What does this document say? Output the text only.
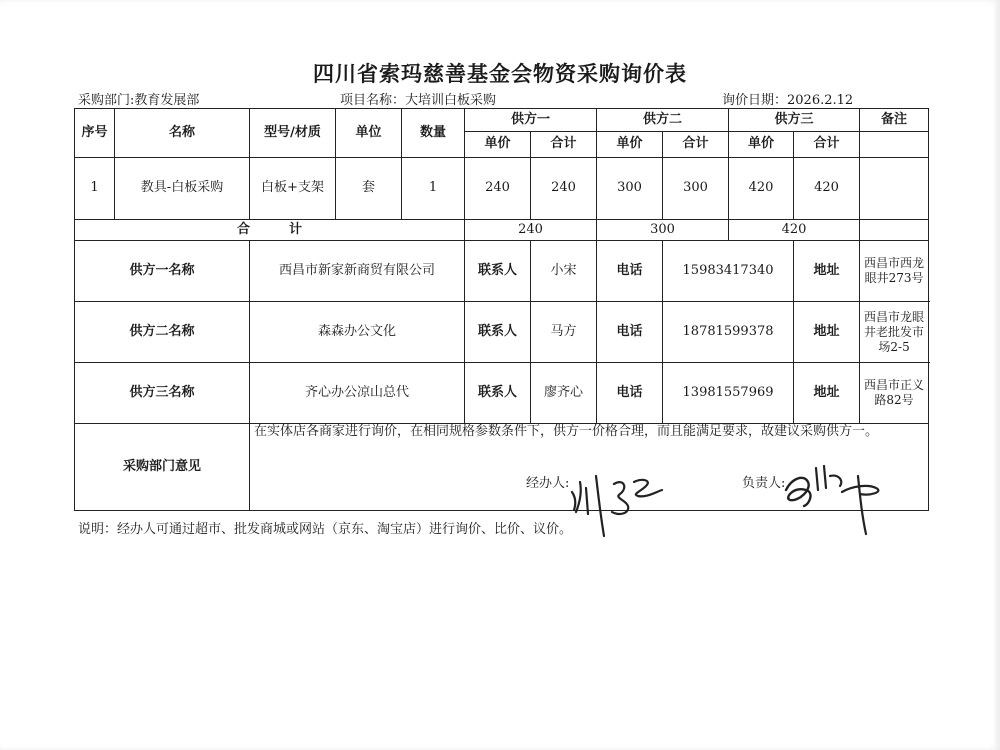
四川省索玛慈善基金会物资采购询价表
采购部门:教育发展部	项目名称：大培训白板采购	询价日期：2026.2.12
序号	名称	型号/材质	单位	数量	供方一		供方二		供方三		备注
					单价	合计	单价	合计	单价	合计	
1	教具-白板采购	白板+支架	套	1	240	240	300	300	420	420	
合　　　计					240		300		420		
供方一名称		西昌市新家新商贸有限公司			联系人	小宋	电话	15983417340		地址	西昌市西龙眼井273号
供方二名称		森森办公文化			联系人	马方	电话	18781599378		地址	西昌市龙眼井老批发市场2-5
供方三名称		齐心办公凉山总代			联系人	廖齐心	电话	13981557969		地址	西昌市正义路82号
采购部门意见		在实体店各商家进行询价，在相同规格参数条件下，供方一价格合理，而且能满足要求，故建议采购供方一。									
经办人:	负责人:
说明：经办人可通过超市、批发商城或网站（京东、淘宝店）进行询价、比价、议价。
